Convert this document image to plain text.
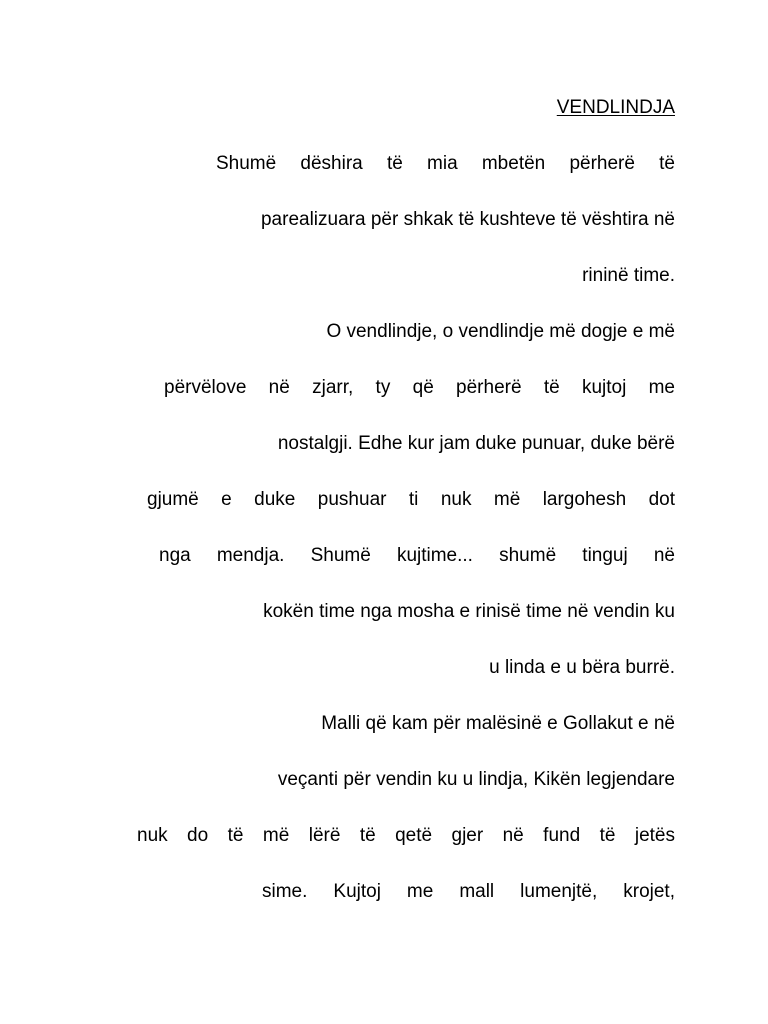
VENDLINDJA
Shumë dëshira të mia mbetën përherë të
parealizuara për shkak të kushteve të vështira në
rininë time.
O vendlindje, o vendlindje më dogje e më
përvëlove në zjarr, ty që përherë të kujtoj me
nostalgji. Edhe kur jam duke punuar, duke bërë
gjumë e duke pushuar ti nuk më largohesh dot
nga mendja. Shumë kujtime... shumë tinguj në
kokën time nga mosha e rinisë time në vendin ku
u linda e u bëra burrë.
Malli që kam për malësinë e Gollakut e në
veçanti për vendin ku u lindja, Kikën legjendare
nuk do të më lërë të qetë gjer në fund të jetës
sime. Kujtoj me mall lumenjtë, krojet,
